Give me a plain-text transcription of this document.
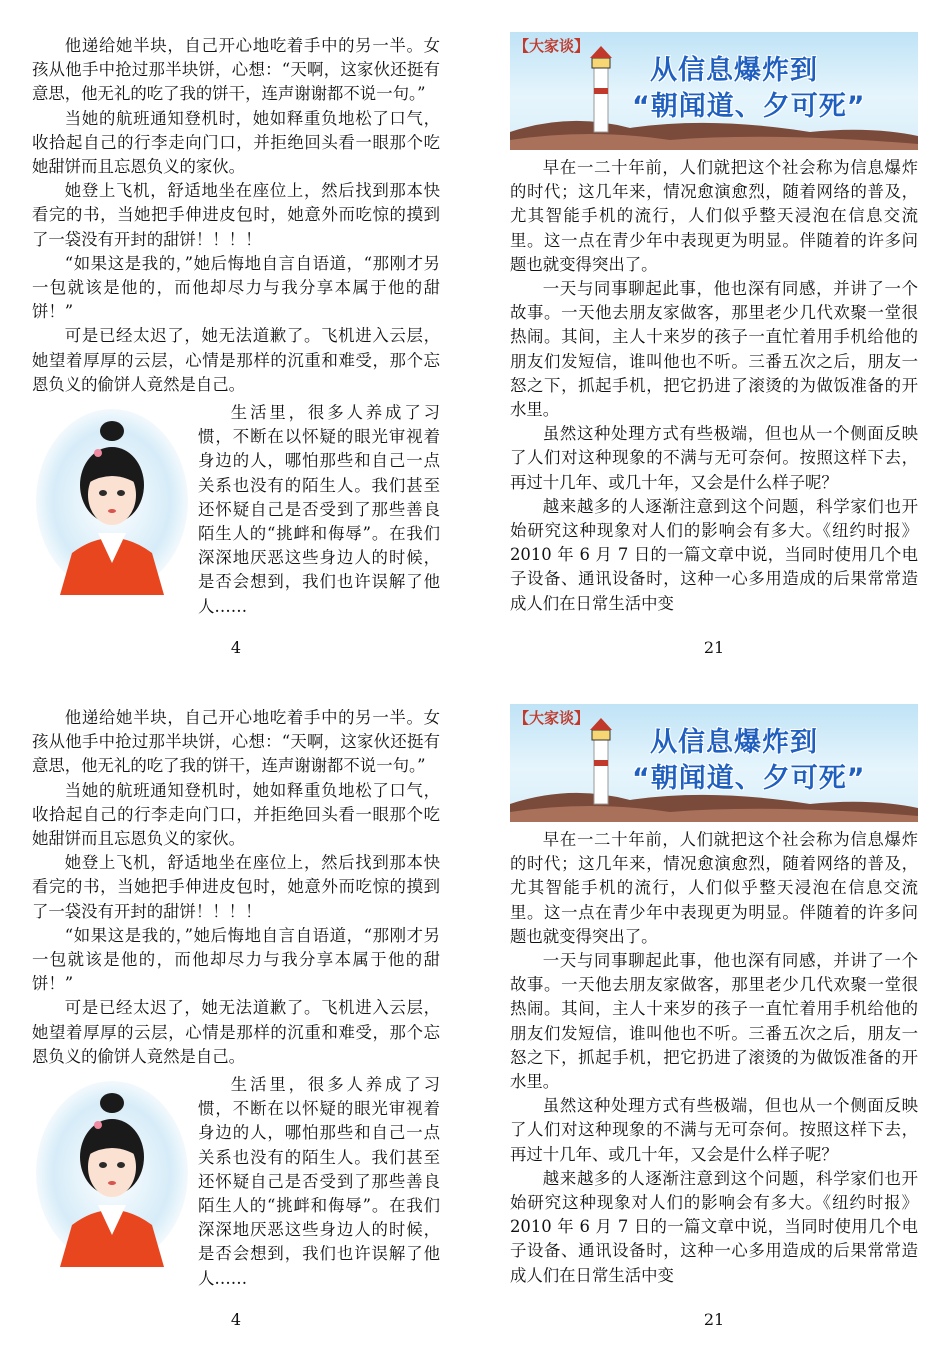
他递给她半块，自己开心地吃着手中的另一半。女孩从他手中抢过那半块饼，心想：“天啊，这家伙还挺有意思，他无礼的吃了我的饼干，连声谢谢都不说一句。”

当她的航班通知登机时，她如释重负地松了口气，收拾起自己的行李走向门口，并拒绝回头看一眼那个吃她甜饼而且忘恩负义的家伙。

她登上飞机，舒适地坐在座位上，然后找到那本快看完的书，当她把手伸进皮包时，她意外而吃惊的摸到了一袋没有开封的甜饼！！！！

“如果这是我的，”她后悔地自言自语道，“那刚才另一包就该是他的，而他却尽力与我分享本属于他的甜饼！”

可是已经太迟了，她无法道歉了。飞机进入云层，她望着厚厚的云层，心情是那样的沉重和难受，那个忘恩负义的偷饼人竟然是自己。

生活里，很多人养成了习惯，不断在以怀疑的眼光审视着身边的人，哪怕那些和自己一点关系也没有的陌生人。我们甚至还怀疑自己是否受到了那些善良陌生人的“挑衅和侮辱”。在我们深深地厌恶这些身边人的时候，是否会想到，我们也许误解了他人……

4
【大家谈】
从信息爆炸到
“朝闻道、夕可死”

早在一二十年前，人们就把这个社会称为信息爆炸的时代；这几年来，情况愈演愈烈，随着网络的普及，尤其智能手机的流行，人们似乎整天浸泡在信息交流里。这一点在青少年中表现更为明显。伴随着的许多问题也就变得突出了。

一天与同事聊起此事，他也深有同感，并讲了一个故事。一天他去朋友家做客，那里老少几代欢聚一堂很热闹。其间，主人十来岁的孩子一直忙着用手机给他的朋友们发短信，谁叫他也不听。三番五次之后，朋友一怒之下，抓起手机，把它扔进了滚烫的为做饭准备的开水里。

虽然这种处理方式有些极端，但也从一个侧面反映了人们对这种现象的不满与无可奈何。按照这样下去，再过十几年、或几十年，又会是什么样子呢？

越来越多的人逐渐注意到这个问题，科学家们也开始研究这种现象对人们的影响会有多大。《纽约时报》2010 年 6 月 7 日的一篇文章中说，当同时使用几个电子设备、通讯设备时，这种一心多用造成的后果常常造成人们在日常生活中变

21

他递给她半块，自己开心地吃着手中的另一半。女孩从他手中抢过那半块饼，心想：“天啊，这家伙还挺有意思，他无礼的吃了我的饼干，连声谢谢都不说一句。”

当她的航班通知登机时，她如释重负地松了口气，收拾起自己的行李走向门口，并拒绝回头看一眼那个吃她甜饼而且忘恩负义的家伙。

她登上飞机，舒适地坐在座位上，然后找到那本快看完的书，当她把手伸进皮包时，她意外而吃惊的摸到了一袋没有开封的甜饼！！！！

“如果这是我的，”她后悔地自言自语道，“那刚才另一包就该是他的，而他却尽力与我分享本属于他的甜饼！”

可是已经太迟了，她无法道歉了。飞机进入云层，她望着厚厚的云层，心情是那样的沉重和难受，那个忘恩负义的偷饼人竟然是自己。

生活里，很多人养成了习惯，不断在以怀疑的眼光审视着身边的人，哪怕那些和自己一点关系也没有的陌生人。我们甚至还怀疑自己是否受到了那些善良陌生人的“挑衅和侮辱”。在我们深深地厌恶这些身边人的时候，是否会想到，我们也许误解了他人……

4
【大家谈】
从信息爆炸到
“朝闻道、夕可死”

早在一二十年前，人们就把这个社会称为信息爆炸的时代；这几年来，情况愈演愈烈，随着网络的普及，尤其智能手机的流行，人们似乎整天浸泡在信息交流里。这一点在青少年中表现更为明显。伴随着的许多问题也就变得突出了。

一天与同事聊起此事，他也深有同感，并讲了一个故事。一天他去朋友家做客，那里老少几代欢聚一堂很热闹。其间，主人十来岁的孩子一直忙着用手机给他的朋友们发短信，谁叫他也不听。三番五次之后，朋友一怒之下，抓起手机，把它扔进了滚烫的为做饭准备的开水里。

虽然这种处理方式有些极端，但也从一个侧面反映了人们对这种现象的不满与无可奈何。按照这样下去，再过十几年、或几十年，又会是什么样子呢？

越来越多的人逐渐注意到这个问题，科学家们也开始研究这种现象对人们的影响会有多大。《纽约时报》2010 年 6 月 7 日的一篇文章中说，当同时使用几个电子设备、通讯设备时，这种一心多用造成的后果常常造成人们在日常生活中变

21
